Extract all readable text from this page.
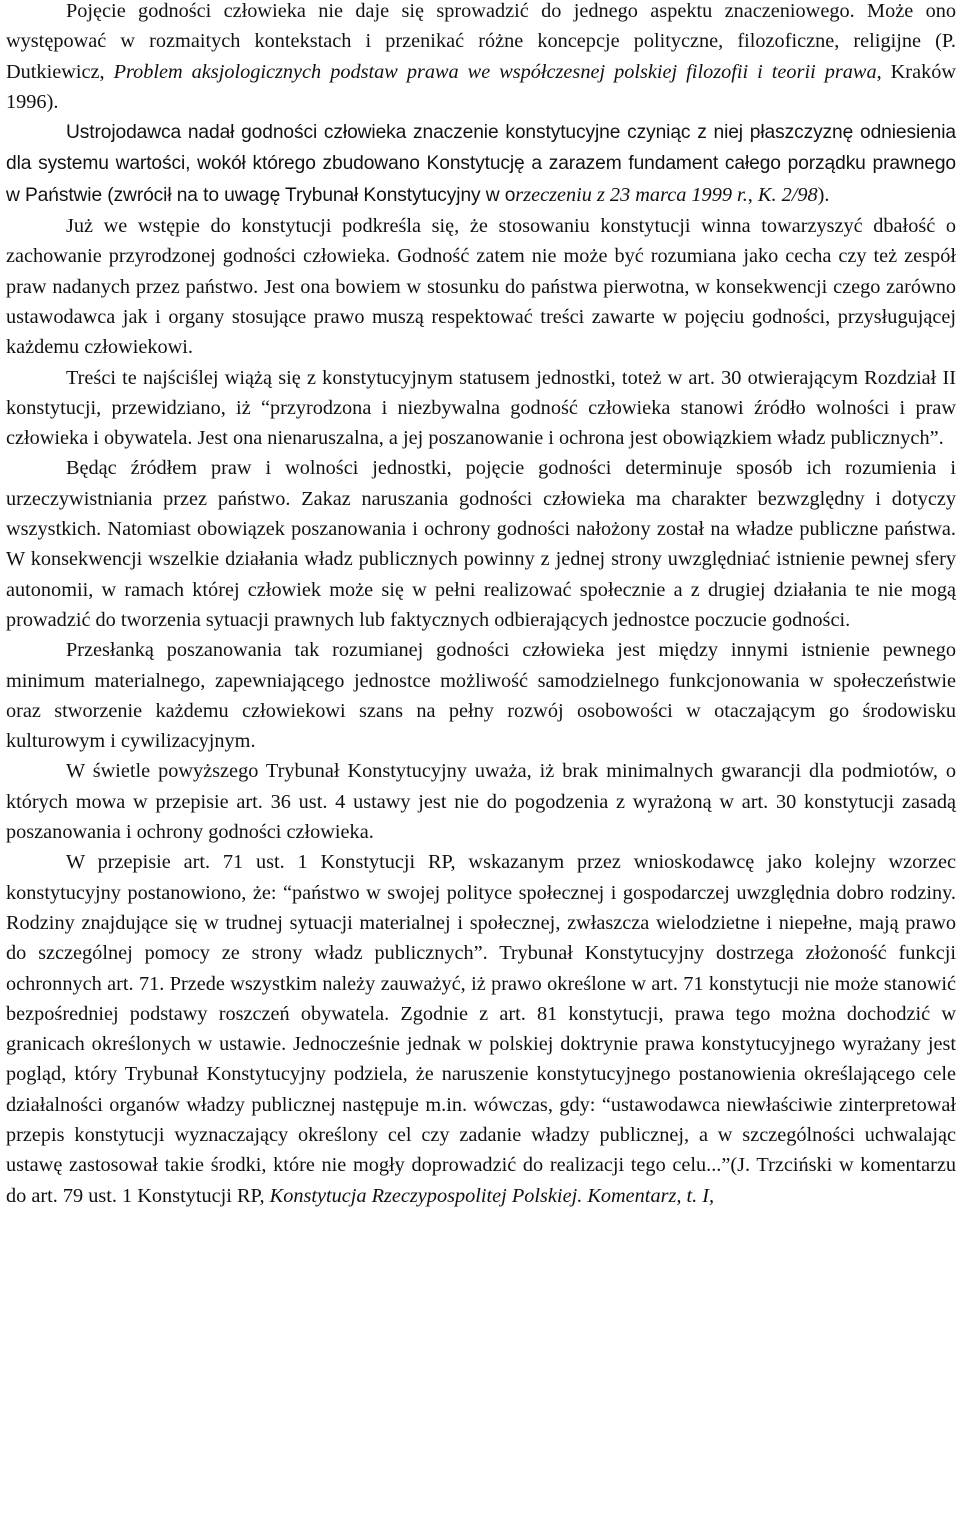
Pojęcie godności człowieka nie daje się sprowadzić do jednego aspektu znaczeniowego. Może ono występować w rozmaitych kontekstach i przenikać różne koncepcje polityczne, filozoficzne, religijne (P. Dutkiewicz, Problem aksjologicznych podstaw prawa we współczesnej polskiej filozofii i teorii prawa, Kraków 1996).

Ustrojodawca nadał godności człowieka znaczenie konstytucyjne czyniąc z niej płaszczyznę odniesienia dla systemu wartości, wokół którego zbudowano Konstytucję a zarazem fundament całego porządku prawnego w Państwie (zwrócił na to uwagę Trybunał Konstytucyjny w orzeczeniu z 23 marca 1999 r., K. 2/98).

Już we wstępie do konstytucji podkreśla się, że stosowaniu konstytucji winna towarzyszyć dbałość o zachowanie przyrodzonej godności człowieka. Godność zatem nie może być rozumiana jako cecha czy też zespół praw nadanych przez państwo. Jest ona bowiem w stosunku do państwa pierwotna, w konsekwencji czego zarówno ustawodawca jak i organy stosujące prawo muszą respektować treści zawarte w pojęciu godności, przysługującej każdemu człowiekowi.

Treści te najściślej wiążą się z konstytucyjnym statusem jednostki, toteż w art. 30 otwierającym Rozdział II konstytucji, przewidziano, iż “przyrodzona i niezbywalna godność człowieka stanowi źródło wolności i praw człowieka i obywatela. Jest ona nienaruszalna, a jej poszanowanie i ochrona jest obowiązkiem władz publicznych”.

Będąc źródłem praw i wolności jednostki, pojęcie godności determinuje sposób ich rozumienia i urzeczywistniania przez państwo. Zakaz naruszania godności człowieka ma charakter bezwzględny i dotyczy wszystkich. Natomiast obowiązek poszanowania i ochrony godności nałożony został na władze publiczne państwa. W konsekwencji wszelkie działania władz publicznych powinny z jednej strony uwzględniać istnienie pewnej sfery autonomii, w ramach której człowiek może się w pełni realizować społecznie a z drugiej działania te nie mogą prowadzić do tworzenia sytuacji prawnych lub faktycznych odbierających jednostce poczucie godności.

Przesłanką poszanowania tak rozumianej godności człowieka jest między innymi istnienie pewnego minimum materialnego, zapewniającego jednostce możliwość samodzielnego funkcjonowania w społeczeństwie oraz stworzenie każdemu człowiekowi szans na pełny rozwój osobowości w otaczającym go środowisku kulturowym i cywilizacyjnym.

W świetle powyższego Trybunał Konstytucyjny uważa, iż brak minimalnych gwarancji dla podmiotów, o których mowa w przepisie art. 36 ust. 4 ustawy jest nie do pogodzenia z wyrażoną w art. 30 konstytucji zasadą poszanowania i ochrony godności człowieka.

W przepisie art. 71 ust. 1 Konstytucji RP, wskazanym przez wnioskodawcę jako kolejny wzorzec konstytucyjny postanowiono, że: “państwo w swojej polityce społecznej i gospodarczej uwzględnia dobro rodziny. Rodziny znajdujące się w trudnej sytuacji materialnej i społecznej, zwłaszcza wielodzietne i niepełne, mają prawo do szczególnej pomocy ze strony władz publicznych”. Trybunał Konstytucyjny dostrzega złożoność funkcji ochronnych art. 71. Przede wszystkim należy zauważyć, iż prawo określone w art. 71 konstytucji nie może stanowić bezpośredniej podstawy roszczeń obywatela. Zgodnie z art. 81 konstytucji, prawa tego można dochodzić w granicach określonych w ustawie. Jednocześnie jednak w polskiej doktrynie prawa konstytucyjnego wyrażany jest pogląd, który Trybunał Konstytucyjny podziela, że naruszenie konstytucyjnego postanowienia określającego cele działalności organów władzy publicznej następuje m.in. wówczas, gdy: “ustawodawca niewłaściwie zinterpretował przepis konstytucji wyznaczający określony cel czy zadanie władzy publicznej, a w szczególności uchwalając ustawę zastosował takie środki, które nie mogły doprowadzić do realizacji tego celu...”(J. Trzciński w komentarzu do art. 79 ust. 1 Konstytucji RP, Konstytucja Rzeczypospolitej Polskiej. Komentarz, t. I,
